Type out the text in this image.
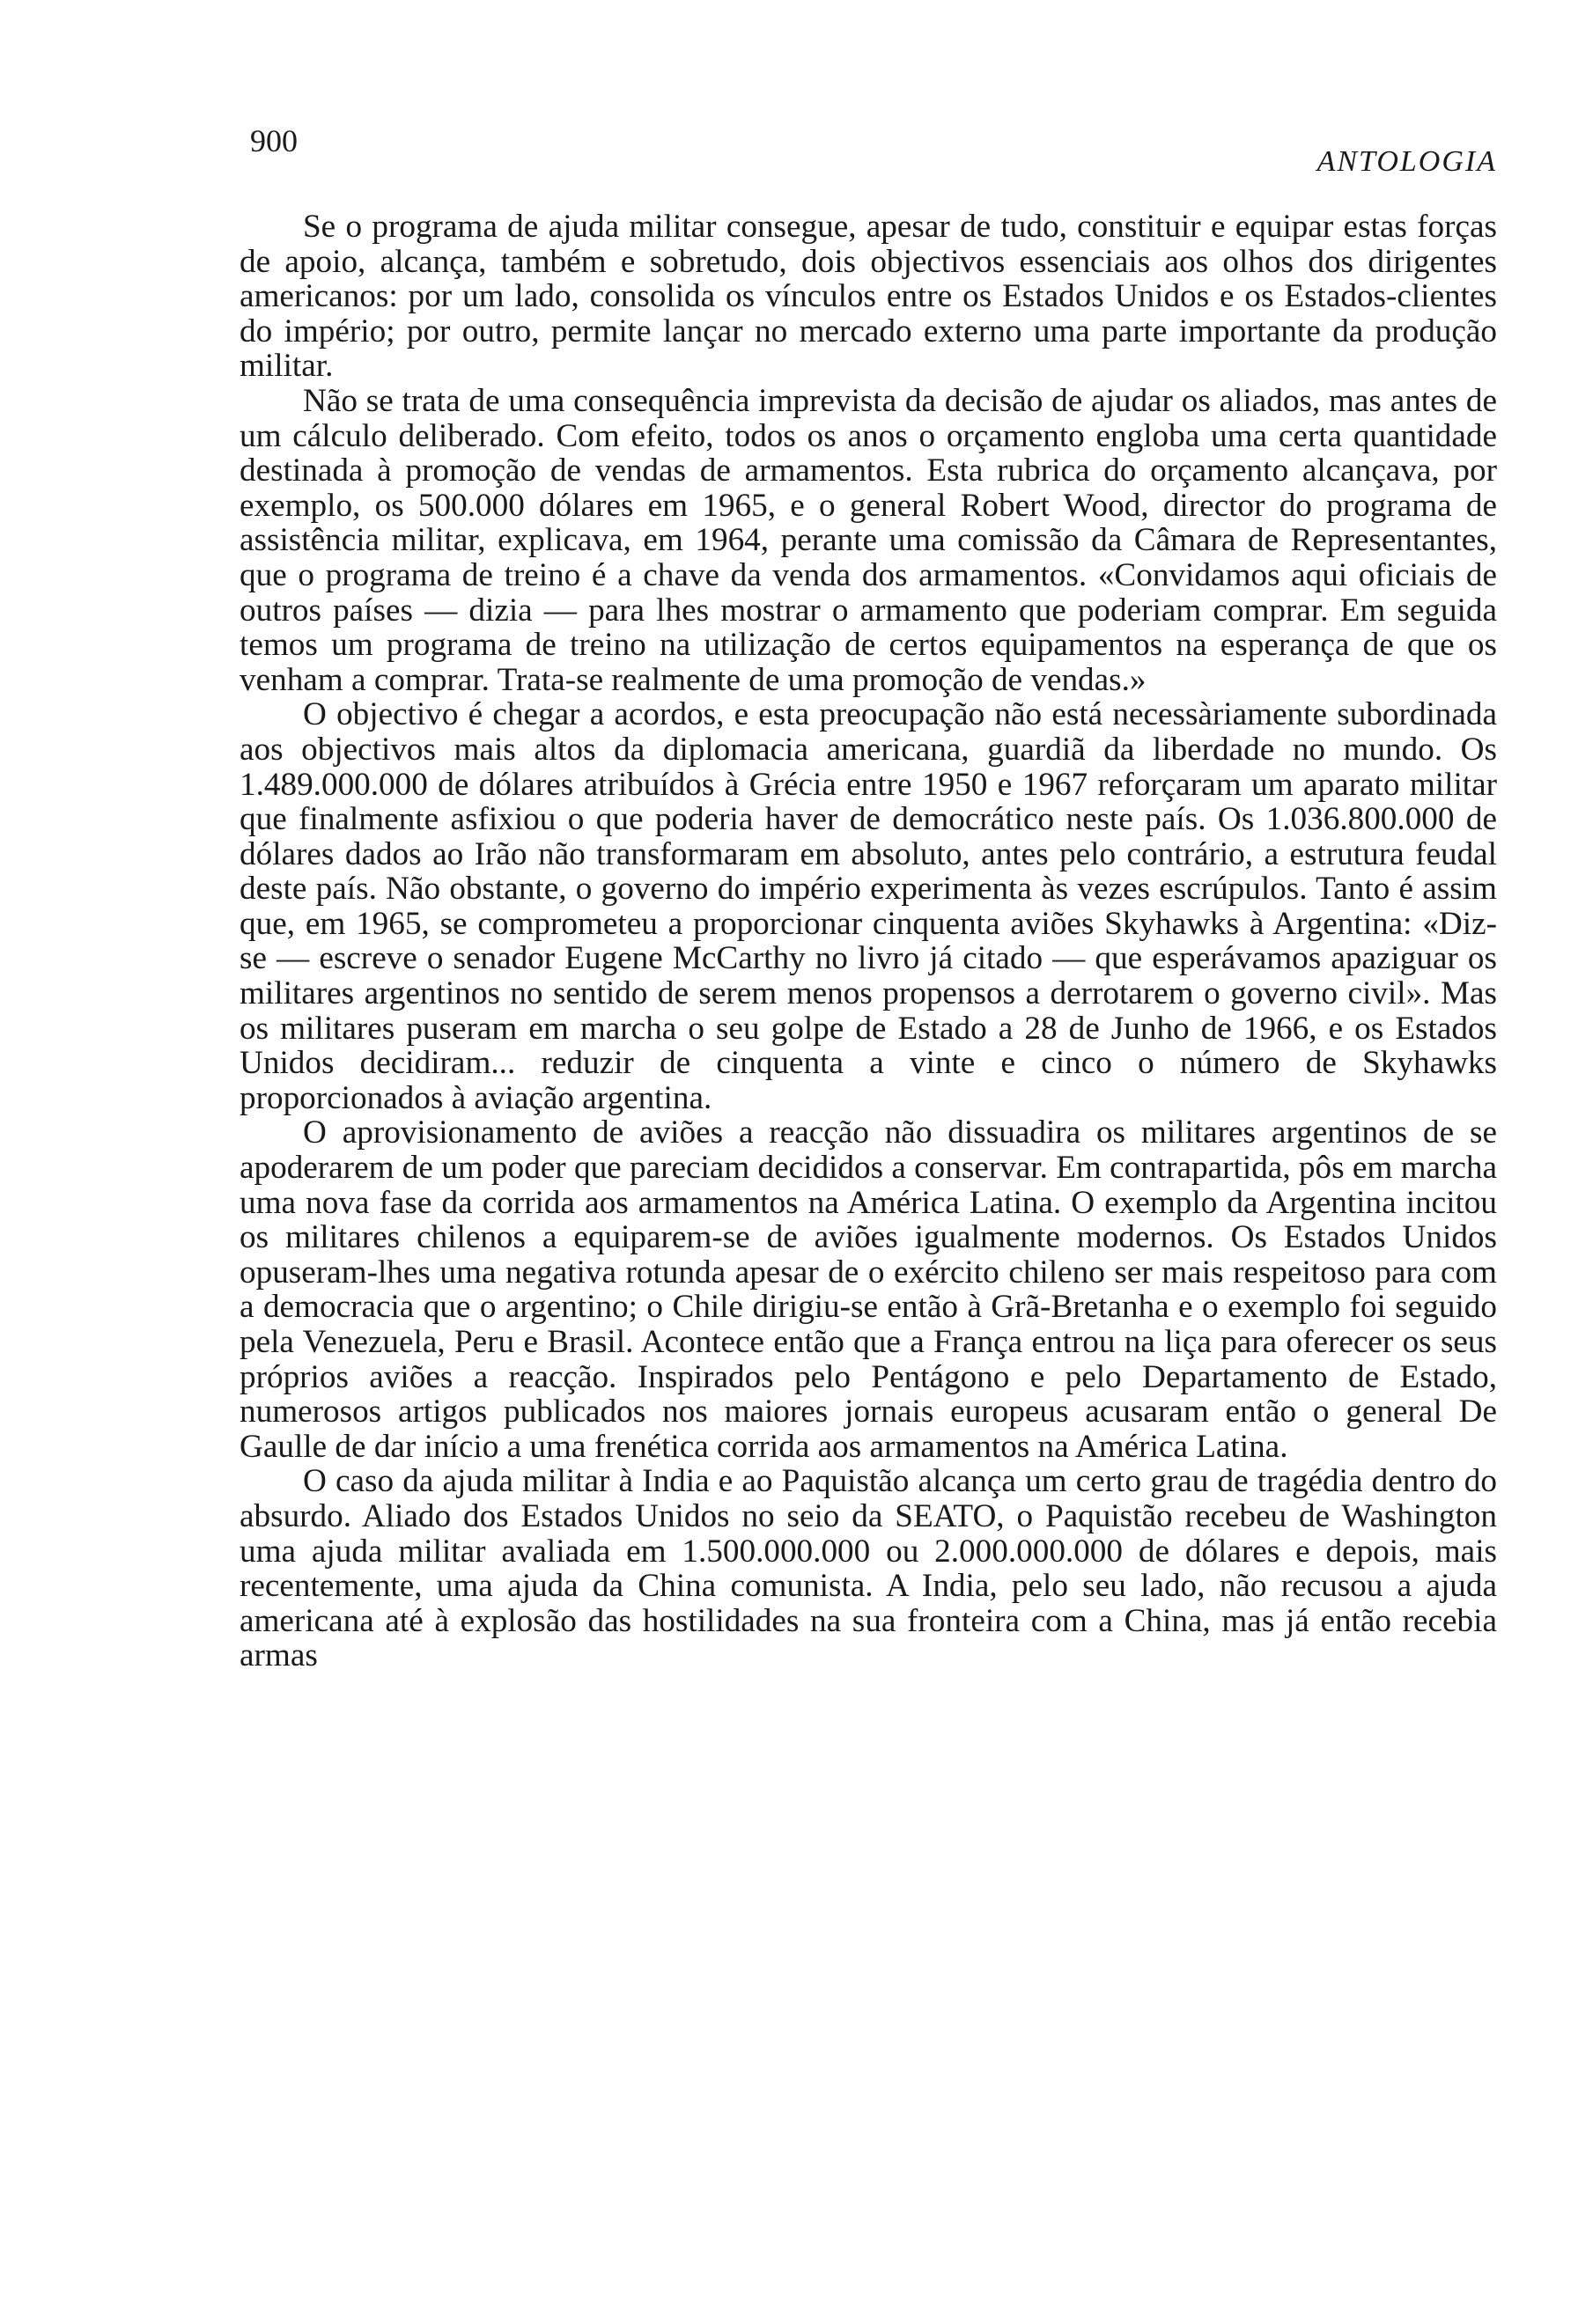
900
ANTOLOGIA

Se o programa de ajuda militar consegue, apesar de tudo, constituir e equipar estas forças de apoio, alcança, também e sobretudo, dois objectivos essenciais aos olhos dos dirigentes americanos: por um lado, consolida os vínculos entre os Estados Unidos e os Estados-clientes do império; por outro, permite lançar no mercado externo uma parte importante da produção militar.

Não se trata de uma consequência imprevista da decisão de ajudar os aliados, mas antes de um cálculo deliberado. Com efeito, todos os anos o orçamento engloba uma certa quantidade destinada à promoção de vendas de armamentos. Esta rubrica do orçamento alcançava, por exemplo, os 500.000 dólares em 1965, e o general Robert Wood, director do programa de assistência militar, explicava, em 1964, perante uma comissão da Câmara de Representantes, que o programa de treino é a chave da venda dos armamentos. «Convidamos aqui oficiais de outros países — dizia — para lhes mostrar o armamento que poderiam comprar. Em seguida temos um programa de treino na utilização de certos equipamentos na esperança de que os venham a comprar. Trata-se realmente de uma promoção de vendas.»

O objectivo é chegar a acordos, e esta preocupação não está necessàriamente subordinada aos objectivos mais altos da diplomacia americana, guardiã da liberdade no mundo. Os 1.489.000.000 de dólares atribuídos à Grécia entre 1950 e 1967 reforçaram um aparato militar que finalmente asfixiou o que poderia haver de democrático neste país. Os 1.036.800.000 de dólares dados ao Irão não transformaram em absoluto, antes pelo contrário, a estrutura feudal deste país. Não obstante, o governo do império experimenta às vezes escrúpulos. Tanto é assim que, em 1965, se comprometeu a proporcionar cinquenta aviões Skyhawks à Argentina: «Diz-se — escreve o senador Eugene McCarthy no livro já citado — que esperávamos apaziguar os militares argentinos no sentido de serem menos propensos a derrotarem o governo civil». Mas os militares puseram em marcha o seu golpe de Estado a 28 de Junho de 1966, e os Estados Unidos decidiram... reduzir de cinquenta a vinte e cinco o número de Skyhawks proporcionados à aviação argentina.

O aprovisionamento de aviões a reacção não dissuadira os militares argentinos de se apoderarem de um poder que pareciam decididos a conservar. Em contrapartida, pôs em marcha uma nova fase da corrida aos armamentos na América Latina. O exemplo da Argentina incitou os militares chilenos a equiparem-se de aviões igualmente modernos. Os Estados Unidos opuseram-lhes uma negativa rotunda apesar de o exército chileno ser mais respeitoso para com a democracia que o argentino; o Chile dirigiu-se então à Grã-Bretanha e o exemplo foi seguido pela Venezuela, Peru e Brasil. Acontece então que a França entrou na liça para oferecer os seus próprios aviões a reacção. Inspirados pelo Pentágono e pelo Departamento de Estado, numerosos artigos publicados nos maiores jornais europeus acusaram então o general De Gaulle de dar início a uma frenética corrida aos armamentos na América Latina.

O caso da ajuda militar à India e ao Paquistão alcança um certo grau de tragédia dentro do absurdo. Aliado dos Estados Unidos no seio da SEATO, o Paquistão recebeu de Washington uma ajuda militar avaliada em 1.500.000.000 ou 2.000.000.000 de dólares e depois, mais recentemente, uma ajuda da China comunista. A India, pelo seu lado, não recusou a ajuda americana até à explosão das hostilidades na sua fronteira com a China, mas já então recebia armas
